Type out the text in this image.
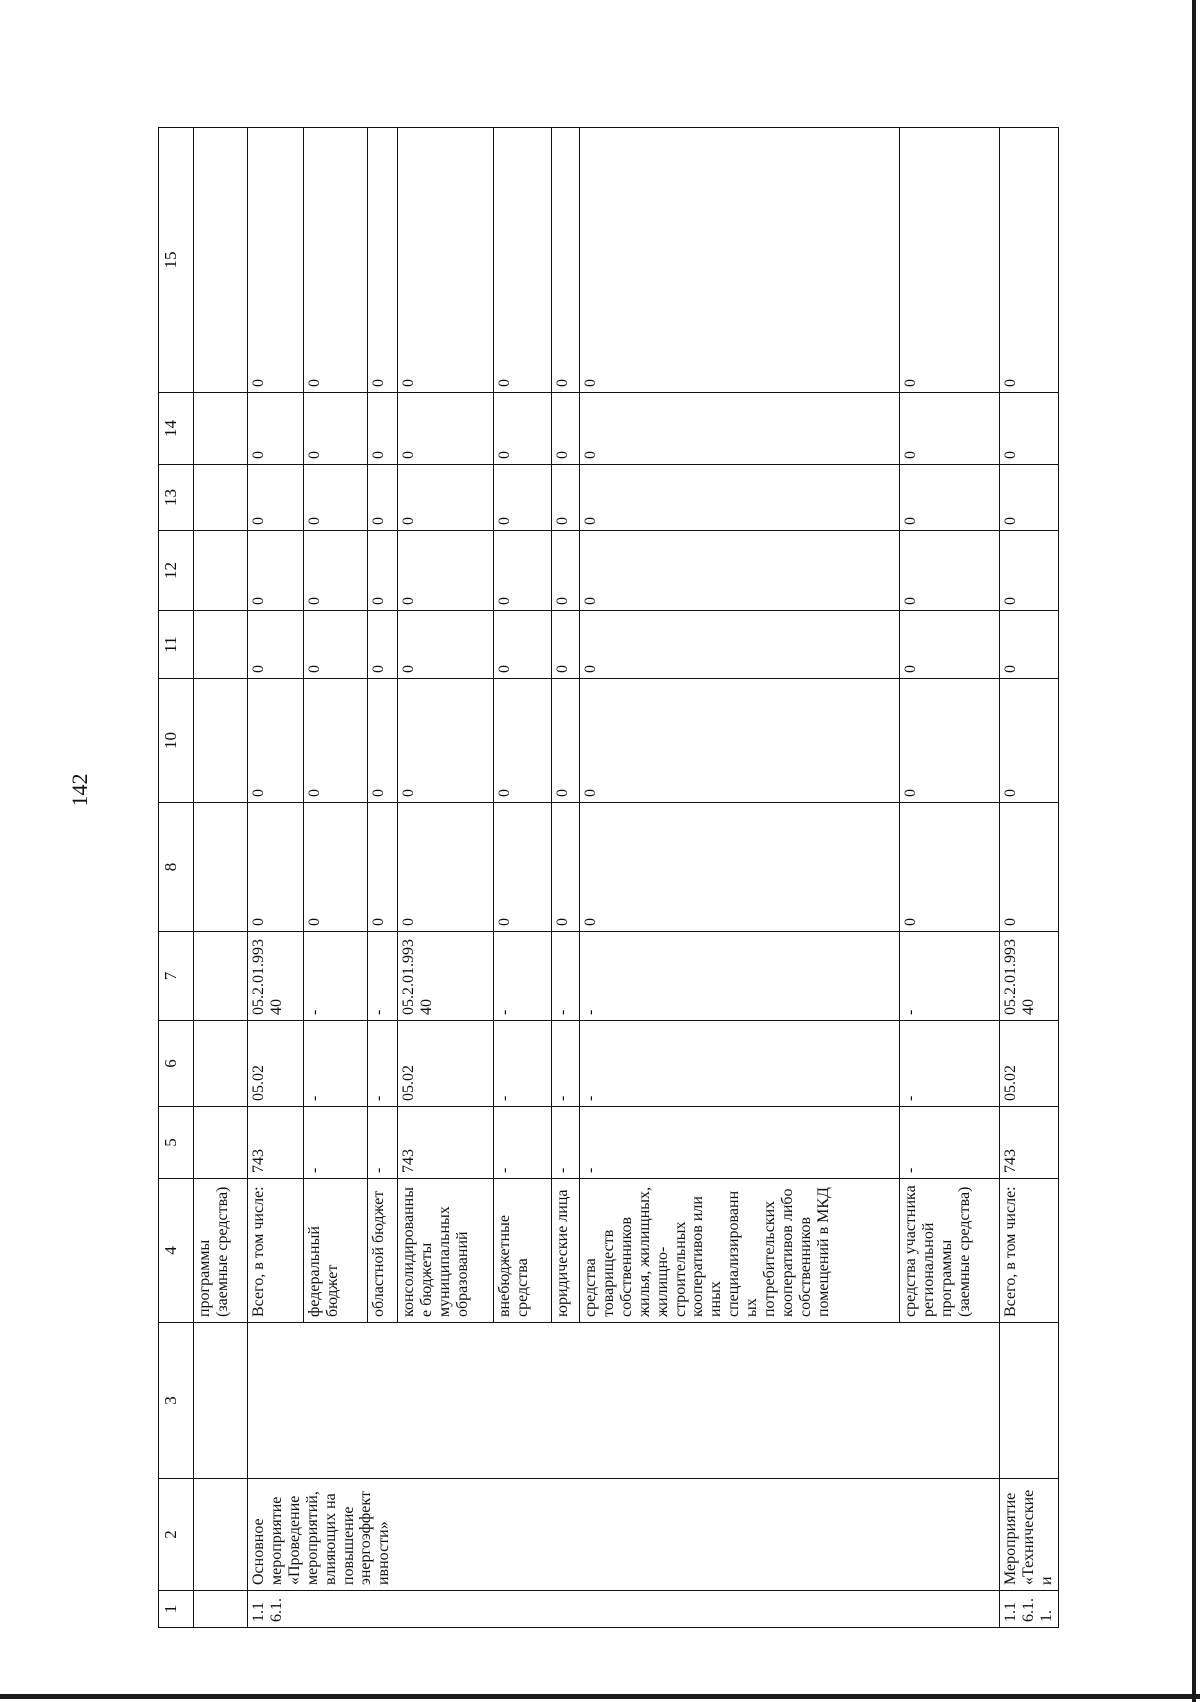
142
1	2	3	4	5	6	7	8	10	11	12	13	14	15
			программы (заемные средства)										
1.16.1.	Основное мероприятие «Проведение мероприятий, влияющих на повышение энергоэффективности»		Всего, в том числе:	743	05.02	05.2.01.99340	0	0	0	0	0	0	0
			федеральный бюджет	-	-	-	0	0	0	0	0	0	0
			областной бюджет	-	-	-	0	0	0	0	0	0	0
			консолидированные бюджеты муниципальных образований	743	05.02	05.2.01.99340	0	0	0	0	0	0	0
			внебюджетные средства	-	-	-	0	0	0	0	0	0	0
			юридические лица	-	-	-	0	0	0	0	0	0	0
			средства товариществ собственников жилья, жилищных, жилищно-строительных кооперативов или иных специализированных потребительских кооперативов либо собственников помещений в МКД	-	-	-	0	0	0	0	0	0	0
			средства участника региональной программы (заемные средства)	-	-	-	0	0	0	0	0	0	0
1.16.1.1.	Мероприятие «Технические и		Всего, в том числе:	743	05.02	05.2.01.99340	0	0	0	0	0	0	0
